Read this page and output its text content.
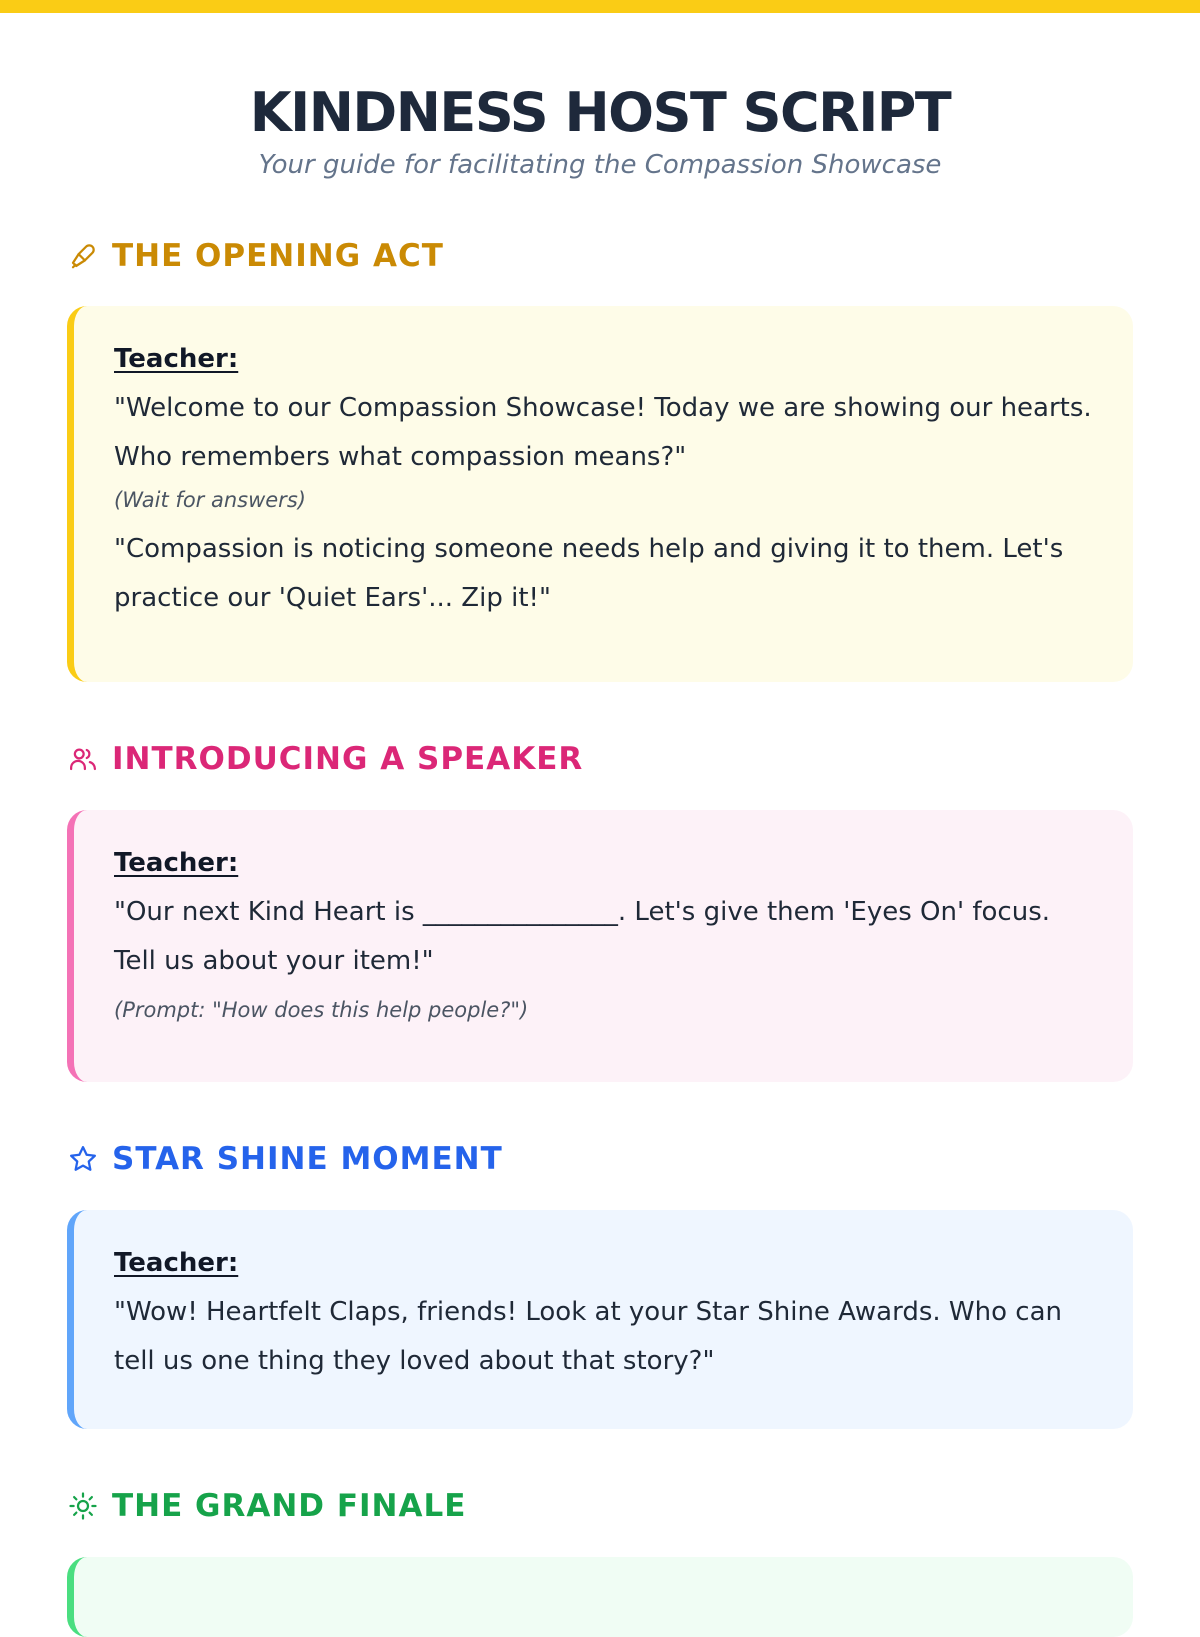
KINDNESS HOST SCRIPT
Your guide for facilitating the Compassion Showcase
THE OPENING ACT

Teacher:

"Welcome to our Compassion Showcase! Today we are showing our hearts. Who remembers what compassion means?"

(Wait for answers)

"Compassion is noticing someone needs help and giving it to them. Let's practice our 'Quiet Ears'... Zip it!"

INTRODUCING A SPEAKER

Teacher:

"Our next Kind Heart is _______________. Let's give them 'Eyes On' focus. Tell us about your item!"

(Prompt: "How does this help people?")
STAR SHINE MOMENT

Teacher:

"Wow! Heartfelt Claps, friends! Look at your Star Shine Awards. Who can tell us one thing they loved about that story?"

THE GRAND FINALE
